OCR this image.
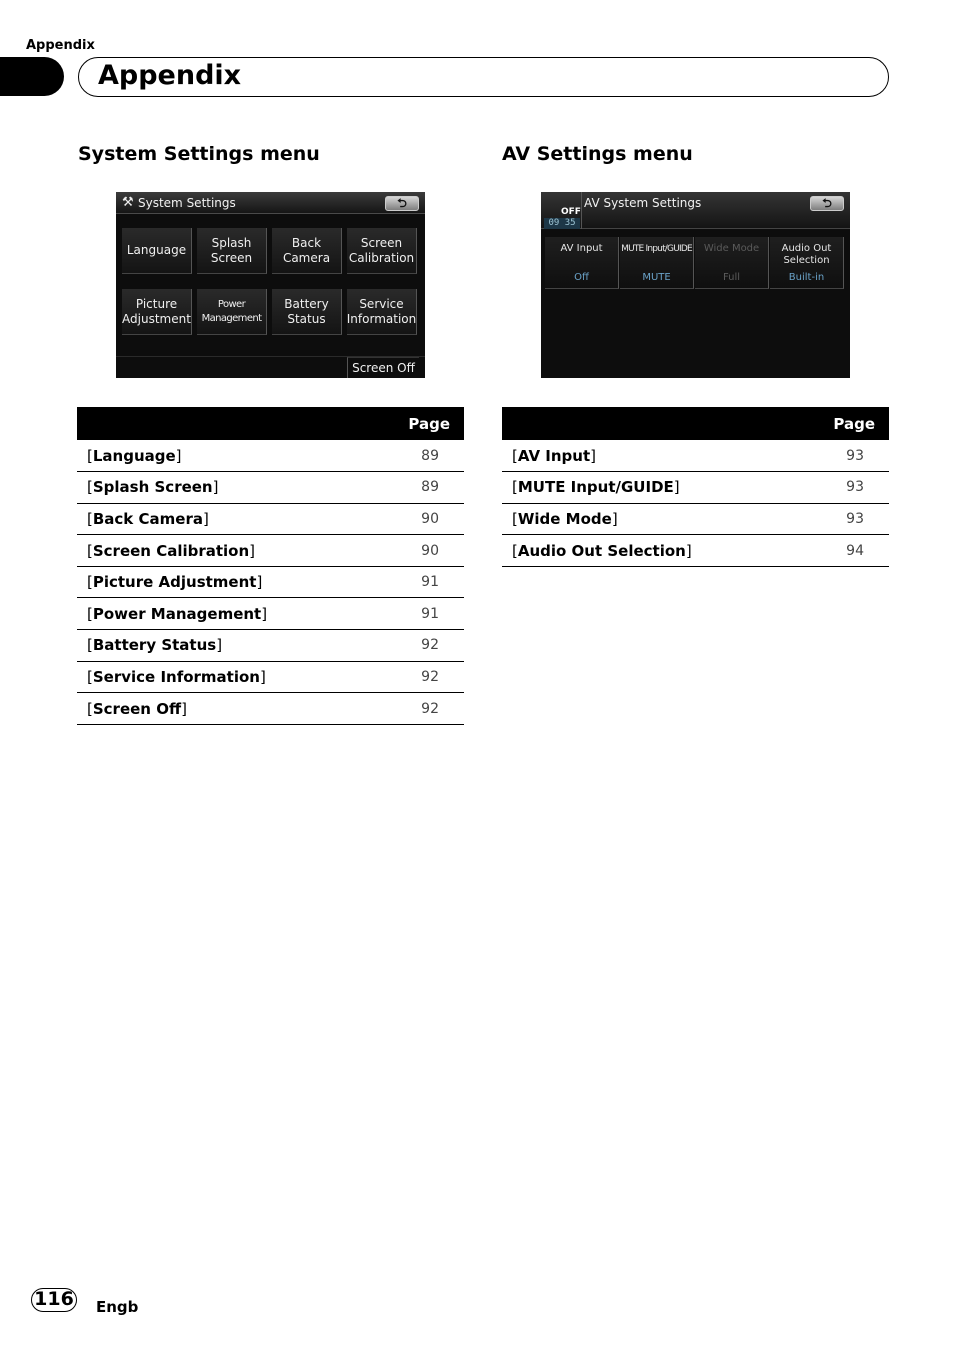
Appendix
Appendix
System Settings menu	AV Settings menu
⚒ System Settings	⮌
Language
Splash
Screen
Back
Camera
Screen
Calibration
Picture
Adjustment
Power
Management
Battery
Status
Service
Information
Screen Off
OFF
09 35
AV System Settings	⮌
AV Input
Off
MUTE Input/GUIDE
MUTE
Wide Mode
Full
Audio Out
Selection
Built-in
Page	
[Language]	89
[Splash Screen]	89
[Back Camera]	90
[Screen Calibration]	90
[Picture Adjustment]	91
[Power Management]	91
[Battery Status]	92
[Service Information]	92
[Screen Off]	92
Page	
[AV Input]	93
[MUTE Input/GUIDE]	93
[Wide Mode]	93
[Audio Out Selection]	94
116 Engb
